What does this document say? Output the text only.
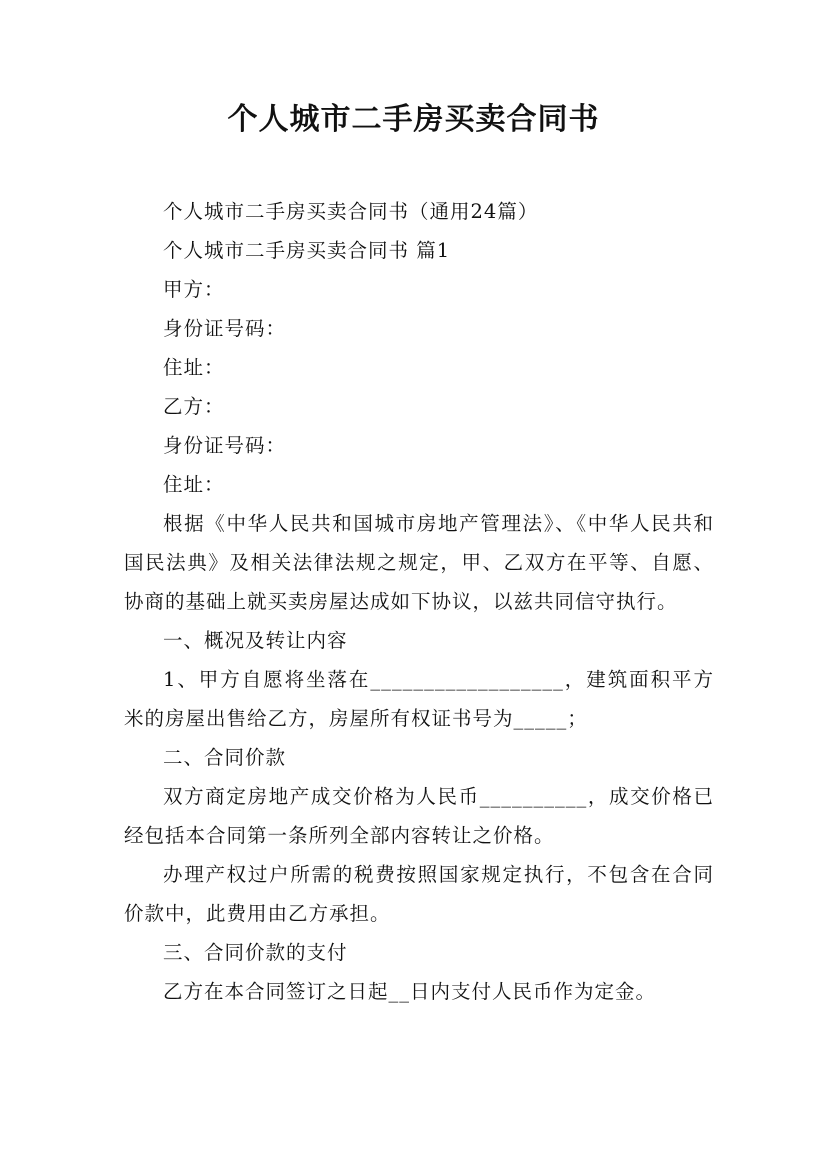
个人城市二手房买卖合同书

个人城市二手房买卖合同书（通用24篇）

个人城市二手房买卖合同书 篇1

甲方：

身份证号码：

住址：

乙方：

身份证号码：

住址：

根据《中华人民共和国城市房地产管理法》、《中华人民共和国民法典》及相关法律法规之规定，甲、乙双方在平等、自愿、协商的基础上就买卖房屋达成如下协议，以兹共同信守执行。

一、概况及转让内容

1、甲方自愿将坐落在__________________，建筑面积平方米的房屋出售给乙方，房屋所有权证书号为_____；

二、合同价款

双方商定房地产成交价格为人民币__________，成交价格已经包括本合同第一条所列全部内容转让之价格。

办理产权过户所需的税费按照国家规定执行，不包含在合同价款中，此费用由乙方承担。

三、合同价款的支付

乙方在本合同签订之日起__日内支付人民币作为定金。
